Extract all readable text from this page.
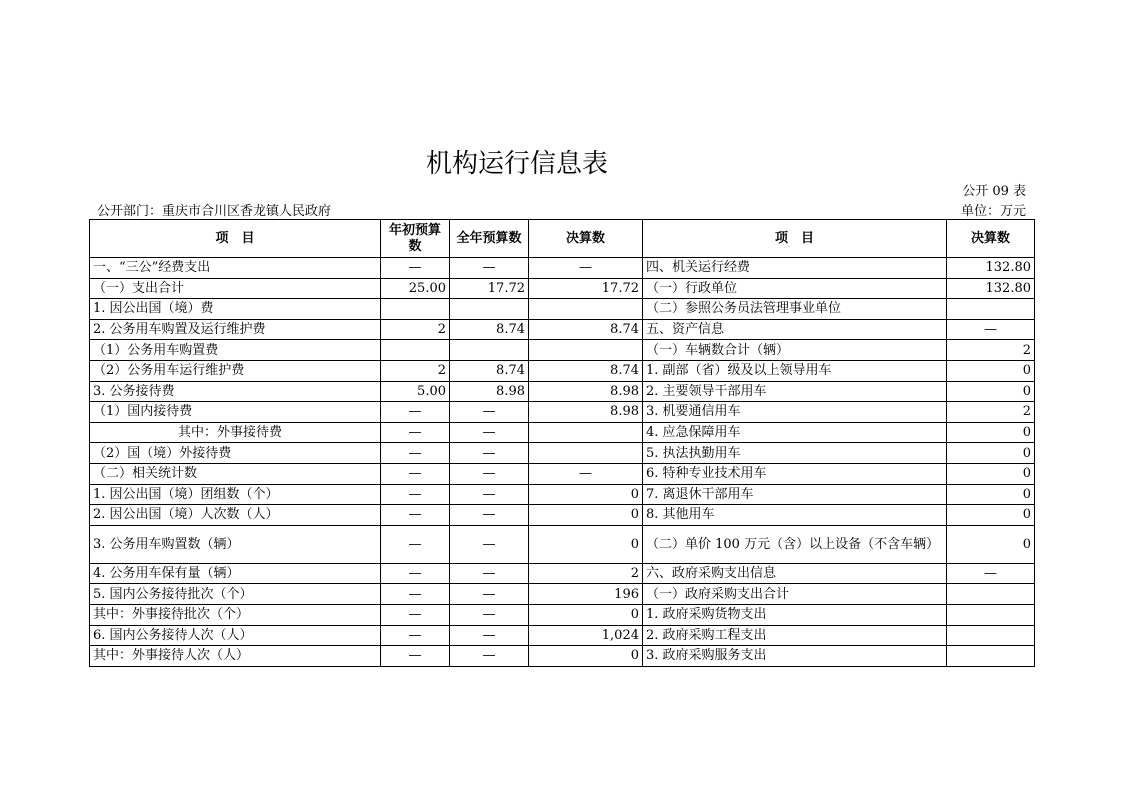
机构运行信息表
公开 09 表
公开部门：重庆市合川区香龙镇人民政府	单位：万元
项　目	年初预算数	全年预算数	决算数	项　目	决算数
一、“三公”经费支出	—	—	—	四、机关运行经费	132.80
（一）支出合计	25.00	17.72	17.72	（一）行政单位	132.80
1. 因公出国（境）费				（二）参照公务员法管理事业单位	
2. 公务用车购置及运行维护费	2	8.74	8.74	五、资产信息	—
（1）公务用车购置费				（一）车辆数合计（辆）	2
（2）公务用车运行维护费	2	8.74	8.74	1. 副部（省）级及以上领导用车	0
3. 公务接待费	5.00	8.98	8.98	2. 主要领导干部用车	0
（1）国内接待费	—	—	8.98	3. 机要通信用车	2
其中：外事接待费	—	—		4. 应急保障用车	0
（2）国（境）外接待费	—	—		5. 执法执勤用车	0
（二）相关统计数	—	—	—	6. 特种专业技术用车	0
1. 因公出国（境）团组数（个）	—	—	0	7. 离退休干部用车	0
2. 因公出国（境）人次数（人）	—	—	0	8. 其他用车	0
3. 公务用车购置数（辆）	—	—	0	（二）单价 100 万元（含）以上设备（不含车辆）	0
4. 公务用车保有量（辆）	—	—	2	六、政府采购支出信息	—
5. 国内公务接待批次（个）	—	—	196	（一）政府采购支出合计	
其中：外事接待批次（个）	—	—	0	1. 政府采购货物支出	
6. 国内公务接待人次（人）	—	—	1,024	2. 政府采购工程支出	
其中：外事接待人次（人）	—	—	0	3. 政府采购服务支出	
